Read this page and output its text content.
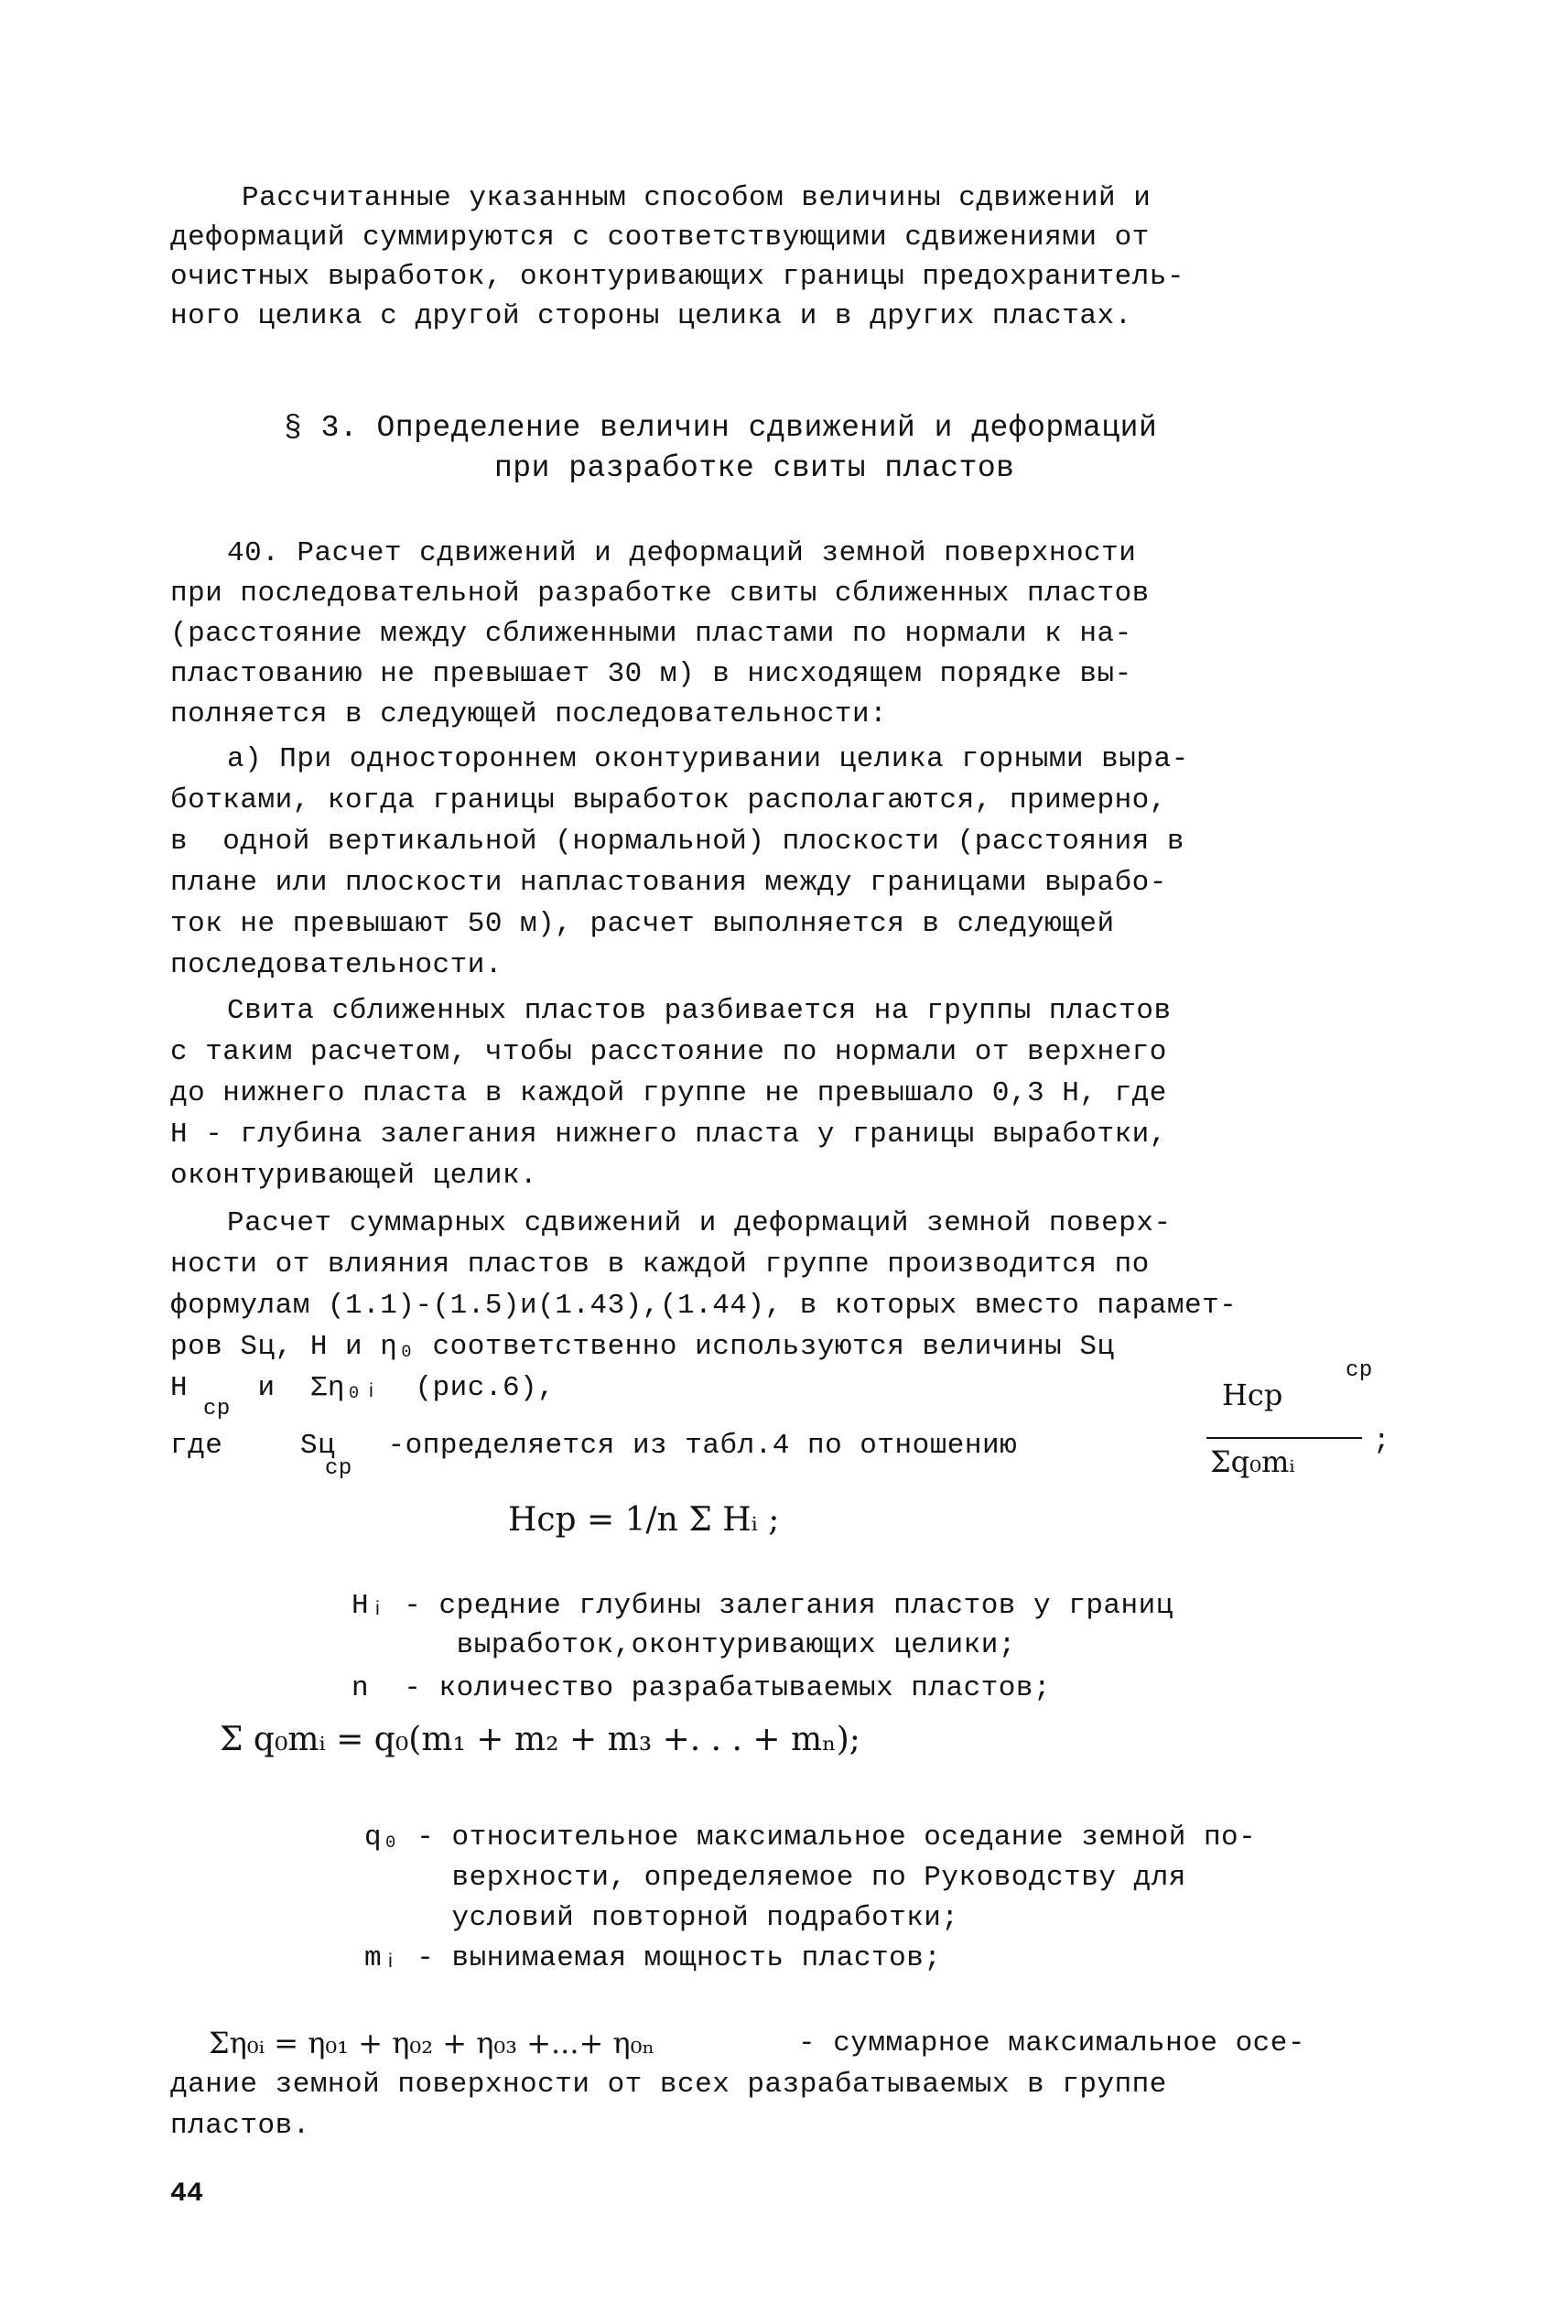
Рассчитанные указанным способом величины сдвижений и
деформаций суммируются с соответствующими сдвижениями от
очистных выработок, оконтуривающих границы предохранитель-
ного целика с другой стороны целика и в других пластах.
§ 3. Определение величин сдвижений и деформаций
при разработке свиты пластов
40. Расчет сдвижений и деформаций земной поверхности
при последовательной разработке свиты сближенных пластов
(расстояние между сближенными пластами по нормали к на-
пластованию не превышает 30 м) в нисходящем порядке вы-
полняется в следующей последовательности:
а) При одностороннем оконтуривании целика горными выра-
ботками, когда границы выработок располагаются, примерно,
в  одной вертикальной (нормальной) плоскости (расстояния в
плане или плоскости напластования между границами вырабо-
ток не превышают 50 м), расчет выполняется в следующей
последовательности.
Свита сближенных пластов разбивается на группы пластов
с таким расчетом, чтобы расстояние по нормали от верхнего
до нижнего пласта в каждой группе не превышало 0,3 Н, где
Н - глубина залегания нижнего пласта у границы выработки,
оконтуривающей целик.
Расчет суммарных сдвижений и деформаций земной поверх-
ности от влияния пластов в каждой группе производится по
формулам (1.1)-(1.5)и(1.43),(1.44), в которых вместо парамет-
ров Sц, Н и η₀ соответственно используются величины Sц
ср
Н    и  Ση₀ᵢ  (рис.6),
ср
где	Sц   -определяется из табл.4 по отношению
ср
Нср
Σq₀mᵢ
;
Нср = 1/n Σ Hᵢ ;
Hᵢ - средние глубины залегания пластов у границ
выработок,оконтуривающих целики;
n  - количество разрабатываемых пластов;
Σ q₀mᵢ = q₀(m₁ + m₂ + m₃ +. . . + mₙ);
q₀ - относительное максимальное оседание земной по-
верхности, определяемое по Руководству для
условий повторной подработки;
mᵢ - вынимаемая мощность пластов;
Ση₀ᵢ = η₀₁ + η₀₂ + η₀₃ +...+ η₀ₙ	- суммарное максимальное осе-
дание земной поверхности от всех разрабатываемых в группе
пластов.
44
